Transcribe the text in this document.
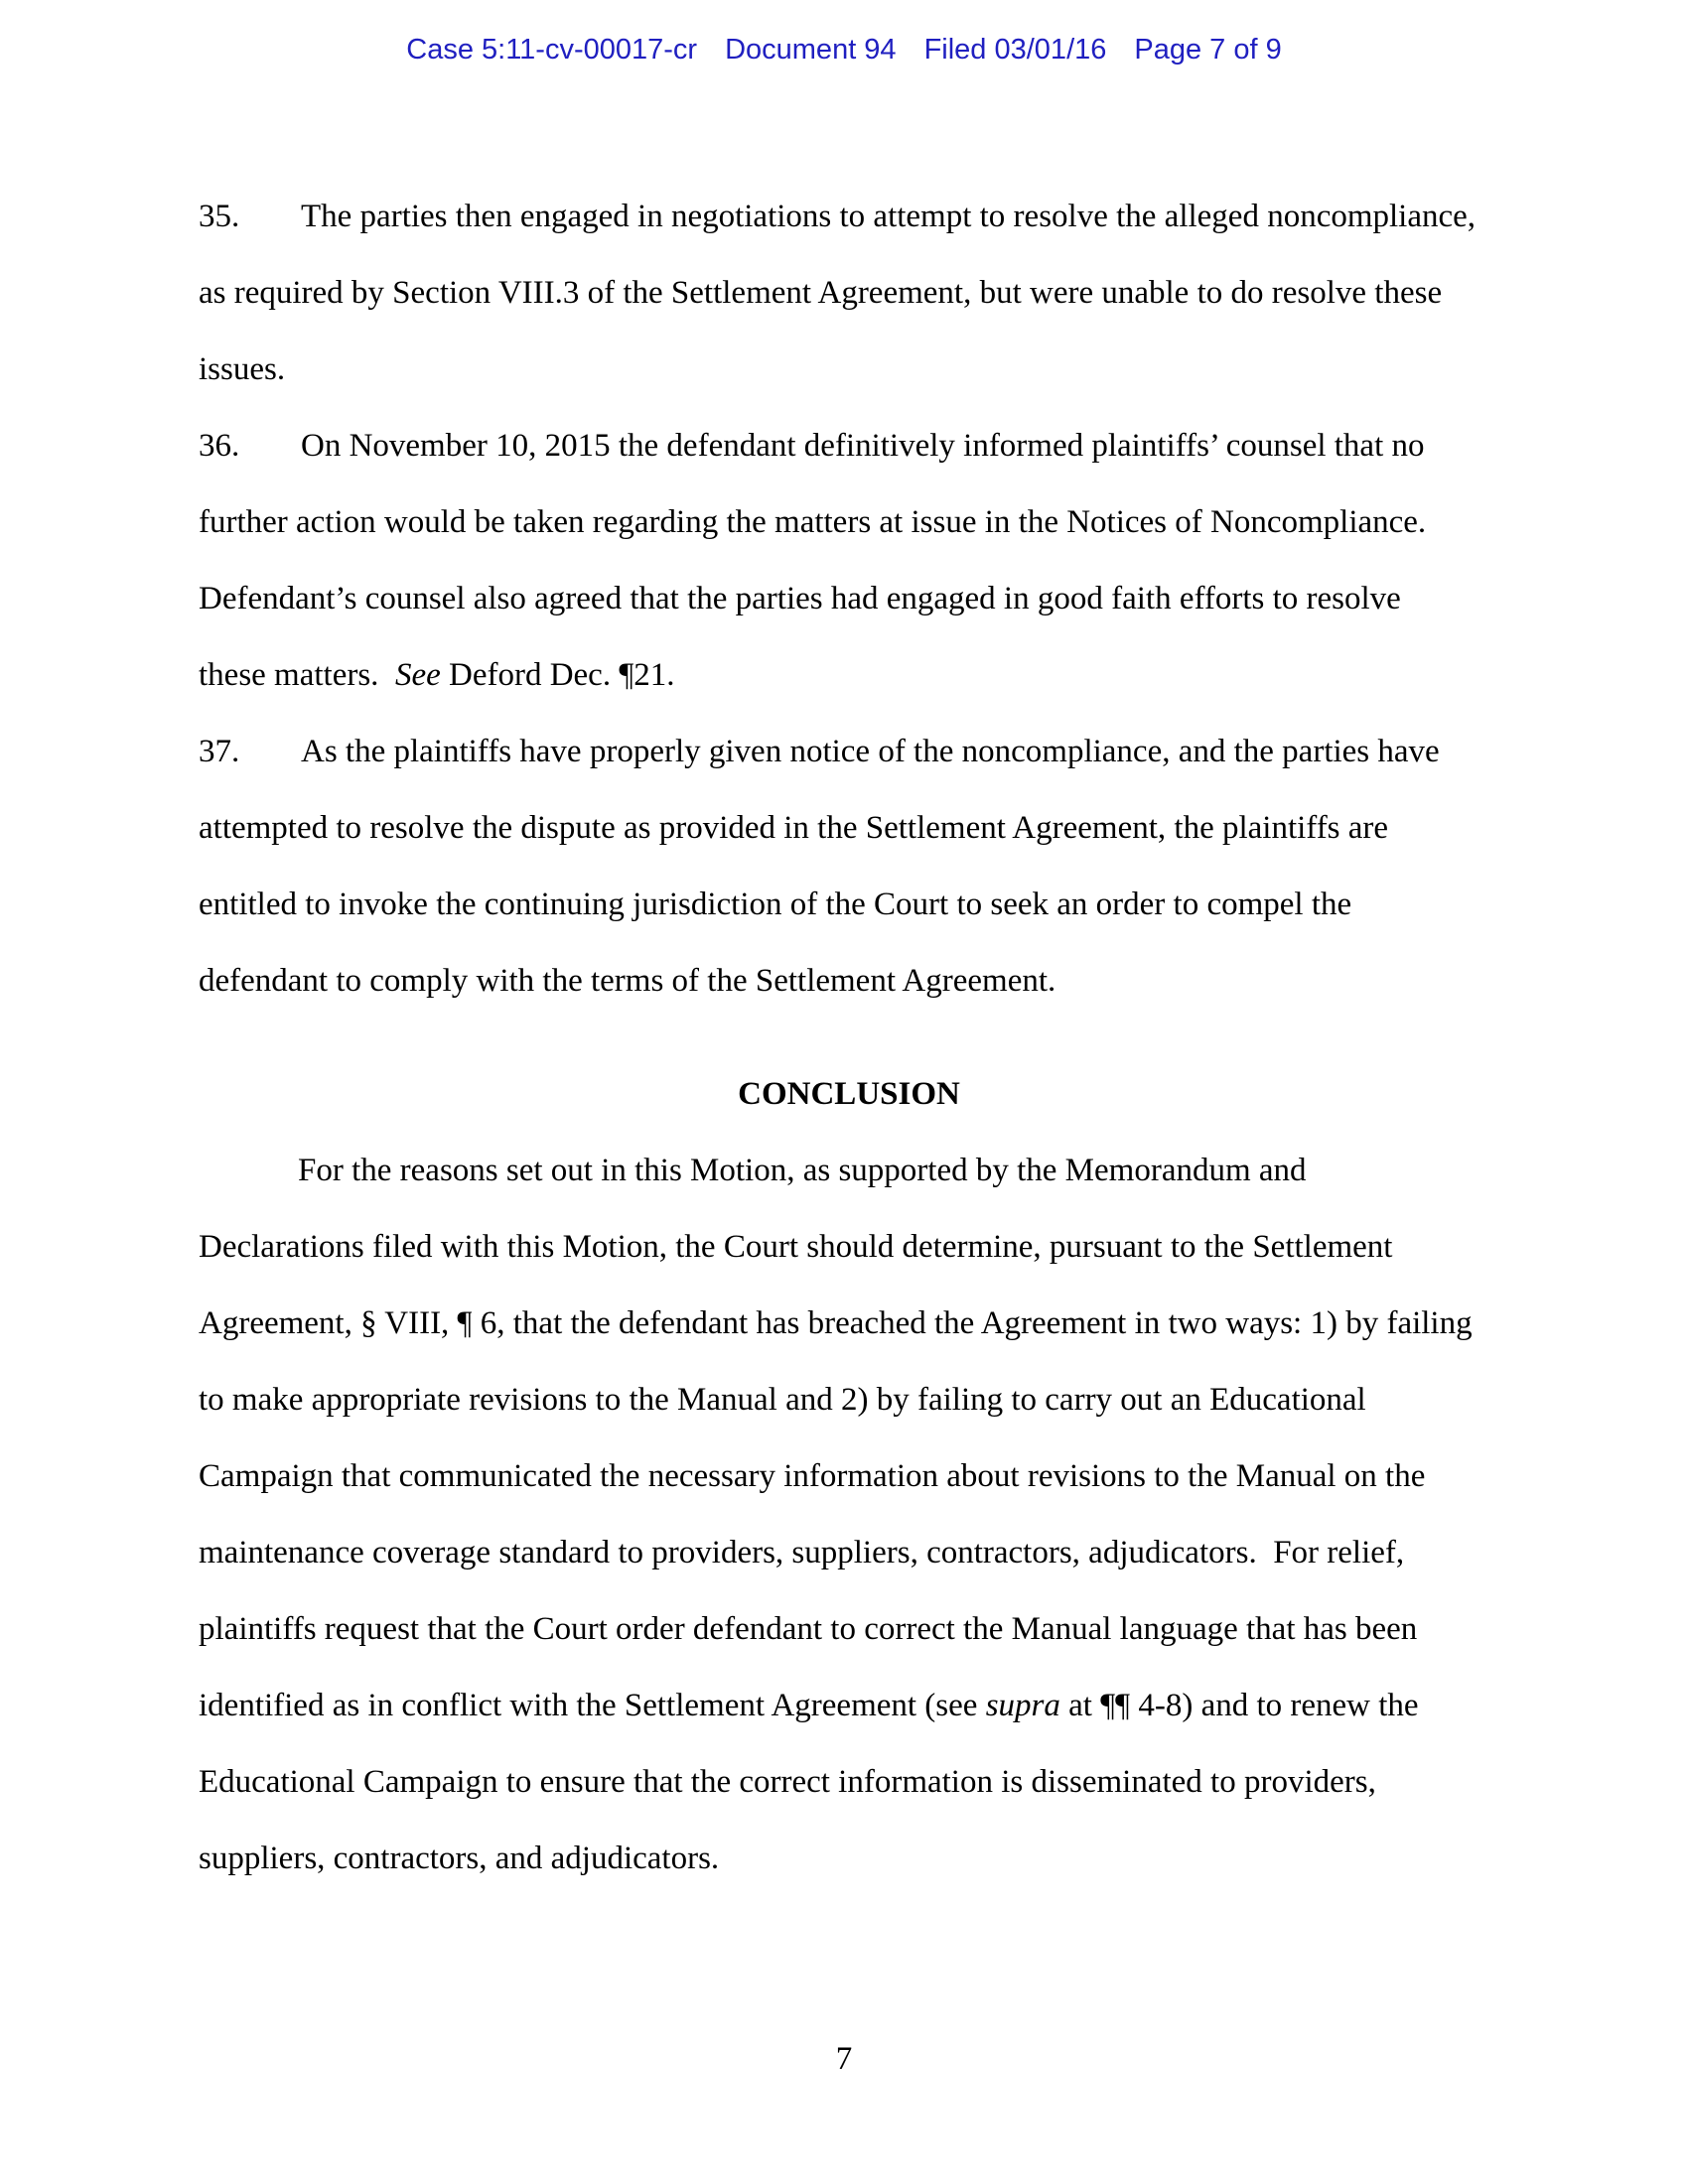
Case 5:11-cv-00017-cr Document 94 Filed 03/01/16 Page 7 of 9
35. The parties then engaged in negotiations to attempt to resolve the alleged noncompliance,
as required by Section VIII.3 of the Settlement Agreement, but were unable to do resolve these
issues.
36. On November 10, 2015 the defendant definitively informed plaintiffs’ counsel that no
further action would be taken regarding the matters at issue in the Notices of Noncompliance.
Defendant’s counsel also agreed that the parties had engaged in good faith efforts to resolve
these matters.  See Deford Dec. ¶21.
37. As the plaintiffs have properly given notice of the noncompliance, and the parties have
attempted to resolve the dispute as provided in the Settlement Agreement, the plaintiffs are
entitled to invoke the continuing jurisdiction of the Court to seek an order to compel the
defendant to comply with the terms of the Settlement Agreement.
CONCLUSION
For the reasons set out in this Motion, as supported by the Memorandum and
Declarations filed with this Motion, the Court should determine, pursuant to the Settlement
Agreement, § VIII, ¶ 6, that the defendant has breached the Agreement in two ways: 1) by failing
to make appropriate revisions to the Manual and 2) by failing to carry out an Educational
Campaign that communicated the necessary information about revisions to the Manual on the
maintenance coverage standard to providers, suppliers, contractors, adjudicators.  For relief,
plaintiffs request that the Court order defendant to correct the Manual language that has been
identified as in conflict with the Settlement Agreement (see supra at ¶¶ 4-8) and to renew the
Educational Campaign to ensure that the correct information is disseminated to providers,
suppliers, contractors, and adjudicators.
7
